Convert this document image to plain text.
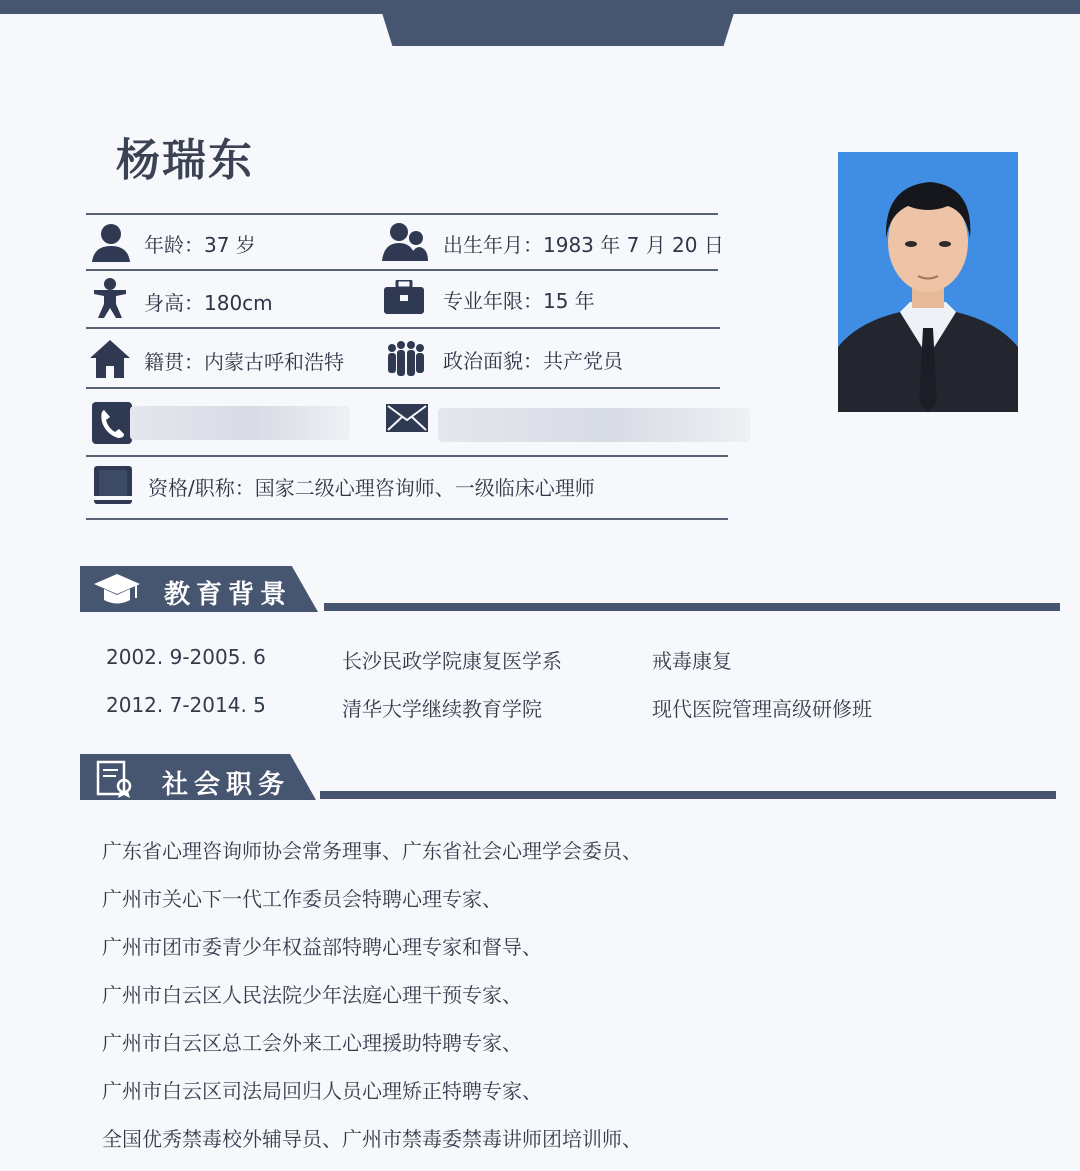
杨瑞东
年龄：37 岁	出生年月：1983 年 7 月 20 日
身高：180cm	专业年限：15 年
籍贯：内蒙古呼和浩特	政治面貌：共产党员
资格/职称：国家二级心理咨询师、一级临床心理师
教育背景
2002. 9-2005. 6	长沙民政学院康复医学系	戒毒康复
2012. 7-2014. 5	清华大学继续教育学院	现代医院管理高级研修班
社会职务
广东省心理咨询师协会常务理事、广东省社会心理学会委员、
广州市关心下一代工作委员会特聘心理专家、
广州市团市委青少年权益部特聘心理专家和督导、
广州市白云区人民法院少年法庭心理干预专家、
广州市白云区总工会外来工心理援助特聘专家、
广州市白云区司法局回归人员心理矫正特聘专家、
全国优秀禁毒校外辅导员、广州市禁毒委禁毒讲师团培训师、
